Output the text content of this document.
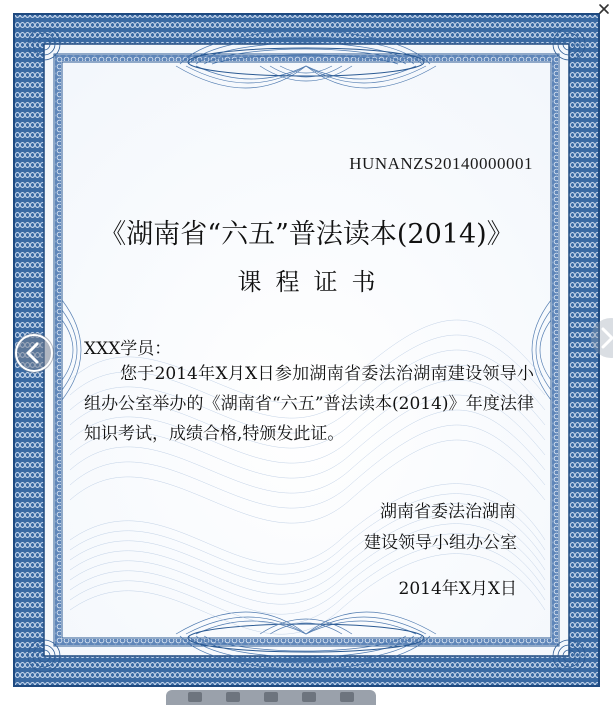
HUNANZS20140000001
《湖南省“六五”普法读本(2014)》
课程证书
XXX学员：
您于2014年X月X日参加湖南省委法治湖南建设领导小组办公室举办的《湖南省“六五”普法读本(2014)》年度法律知识考试，成绩合格,特颁发此证。
湖南省委法治湖南
建设领导小组办公室
2014年X月X日
